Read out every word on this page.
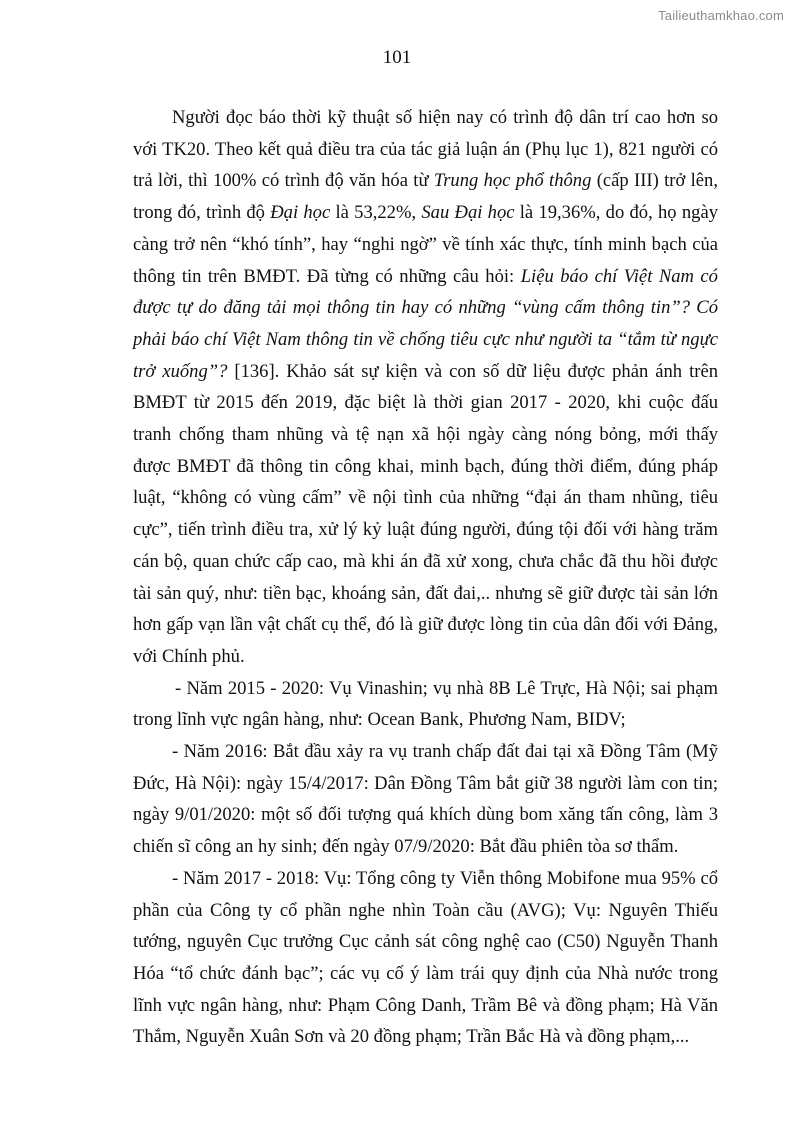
Tailieuthamkhao.com
101

Người đọc báo thời kỹ thuật số hiện nay có trình độ dân trí cao hơn so với TK20. Theo kết quả điều tra của tác giả luận án (Phụ lục 1), 821 người có trả lời, thì 100% có trình độ văn hóa từ Trung học phổ thông (cấp III) trở lên, trong đó, trình độ Đại học là 53,22%, Sau Đại học là 19,36%, do đó, họ ngày càng trở nên “khó tính”, hay “nghi ngờ” về tính xác thực, tính minh bạch của thông tin trên BMĐT. Đã từng có những câu hỏi: Liệu báo chí Việt Nam có được tự do đăng tải mọi thông tin hay có những “vùng cấm thông tin”? Có phải báo chí Việt Nam thông tin về chống tiêu cực như người ta “tắm từ ngực trở xuống”? [136]. Khảo sát sự kiện và con số dữ liệu được phản ánh trên BMĐT từ 2015 đến 2019, đặc biệt là thời gian 2017 - 2020, khi cuộc đấu tranh chống tham nhũng và tệ nạn xã hội ngày càng nóng bỏng, mới thấy được BMĐT đã thông tin công khai, minh bạch, đúng thời điểm, đúng pháp luật, “không có vùng cấm” về nội tình của những “đại án tham nhũng, tiêu cực”, tiến trình điều tra, xử lý kỷ luật đúng người, đúng tội đối với hàng trăm cán bộ, quan chức cấp cao, mà khi án đã xử xong, chưa chắc đã thu hồi được tài sản quý, như: tiền bạc, khoáng sản, đất đai,.. nhưng sẽ giữ được tài sản lớn hơn gấp vạn lần vật chất cụ thể, đó là giữ được lòng tin của dân đối với Đảng, với Chính phủ.

- Năm 2015 - 2020: Vụ Vinashin; vụ nhà 8B Lê Trực, Hà Nội; sai phạm trong lĩnh vực ngân hàng, như: Ocean Bank, Phương Nam, BIDV;

- Năm 2016: Bắt đầu xảy ra vụ tranh chấp đất đai tại xã Đồng Tâm (Mỹ Đức, Hà Nội): ngày 15/4/2017: Dân Đồng Tâm bắt giữ 38 người làm con tin; ngày 9/01/2020: một số đối tượng quá khích dùng bom xăng tấn công, làm 3 chiến sĩ công an hy sinh; đến ngày 07/9/2020: Bắt đầu phiên tòa sơ thẩm.

- Năm 2017 - 2018: Vụ: Tổng công ty Viễn thông Mobifone mua 95% cổ phần của Công ty cổ phần nghe nhìn Toàn cầu (AVG); Vụ: Nguyên Thiếu tướng, nguyên Cục trưởng Cục cảnh sát công nghệ cao (C50) Nguyễn Thanh Hóa “tổ chức đánh bạc”; các vụ cố ý làm trái quy định của Nhà nước trong lĩnh vực ngân hàng, như: Phạm Công Danh, Trầm Bê và đồng phạm; Hà Văn Thắm, Nguyễn Xuân Sơn và 20 đồng phạm; Trần Bắc Hà và đồng phạm,...
